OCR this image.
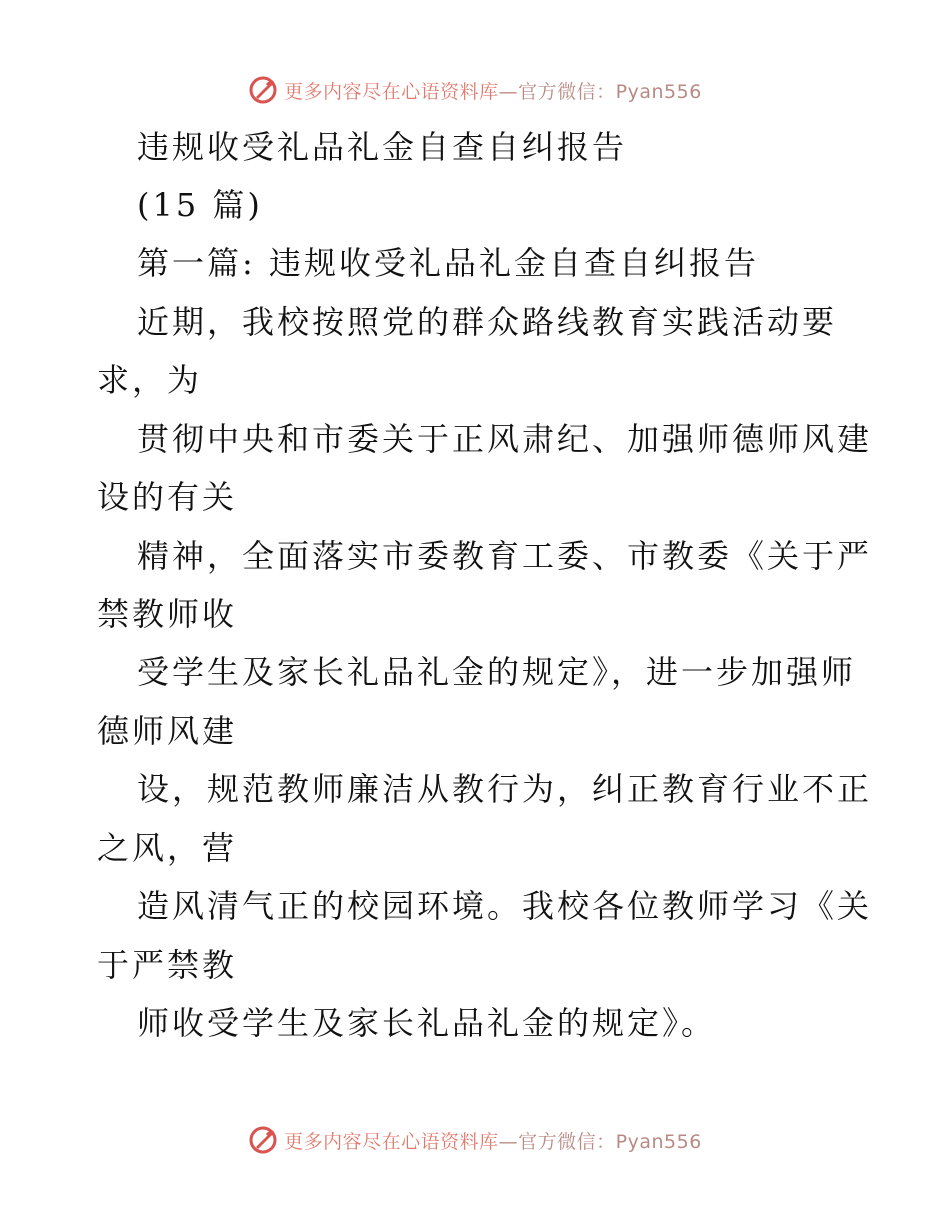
更多内容尽在心语资料库—官方微信：Pyan556
违规收受礼品礼金自查自纠报告
(15 篇)
第一篇: 违规收受礼品礼金自查自纠报告
近期，我校按照党的群众路线教育实践活动要
求，为
贯彻中央和市委关于正风肃纪、加强师德师风建
设的有关
精神，全面落实市委教育工委、市教委《关于严
禁教师收
受学生及家长礼品礼金的规定》，进一步加强师
德师风建
设，规范教师廉洁从教行为，纠正教育行业不正
之风，营
造风清气正的校园环境。我校各位教师学习《关
于严禁教
师收受学生及家长礼品礼金的规定》。
更多内容尽在心语资料库—官方微信：Pyan556
